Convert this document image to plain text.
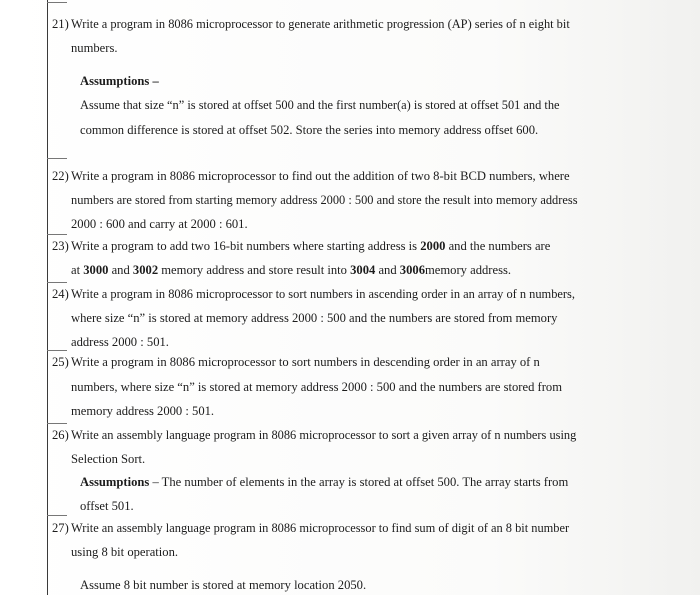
21) Write a program in 8086 microprocessor to generate arithmetic progression (AP) series of n eight bit
numbers.
Assumptions –
Assume that size “n” is stored at offset 500 and the first number(a) is stored at offset 501 and the
common difference is stored at offset 502. Store the series into memory address offset 600.
22) Write a program in 8086 microprocessor to find out the addition of two 8-bit BCD numbers, where
numbers are stored from starting memory address 2000 : 500 and store the result into memory address
2000 : 600 and carry at 2000 : 601.
23) Write a program to add two 16-bit numbers where starting address is 2000 and the numbers are
at 3000 and 3002 memory address and store result into 3004 and 3006memory address.
24) Write a program in 8086 microprocessor to sort numbers in ascending order in an array of n numbers,
where size “n” is stored at memory address 2000 : 500 and the numbers are stored from memory
address 2000 : 501.
25) Write a program in 8086 microprocessor to sort numbers in descending order in an array of n
numbers, where size “n” is stored at memory address 2000 : 500 and the numbers are stored from
memory address 2000 : 501.
26) Write an assembly language program in 8086 microprocessor to sort a given array of n numbers using
Selection Sort.
Assumptions – The number of elements in the array is stored at offset 500. The array starts from
offset 501.
27) Write an assembly language program in 8086 microprocessor to find sum of digit of an 8 bit number
using 8 bit operation.
Assume 8 bit number is stored at memory location 2050.
